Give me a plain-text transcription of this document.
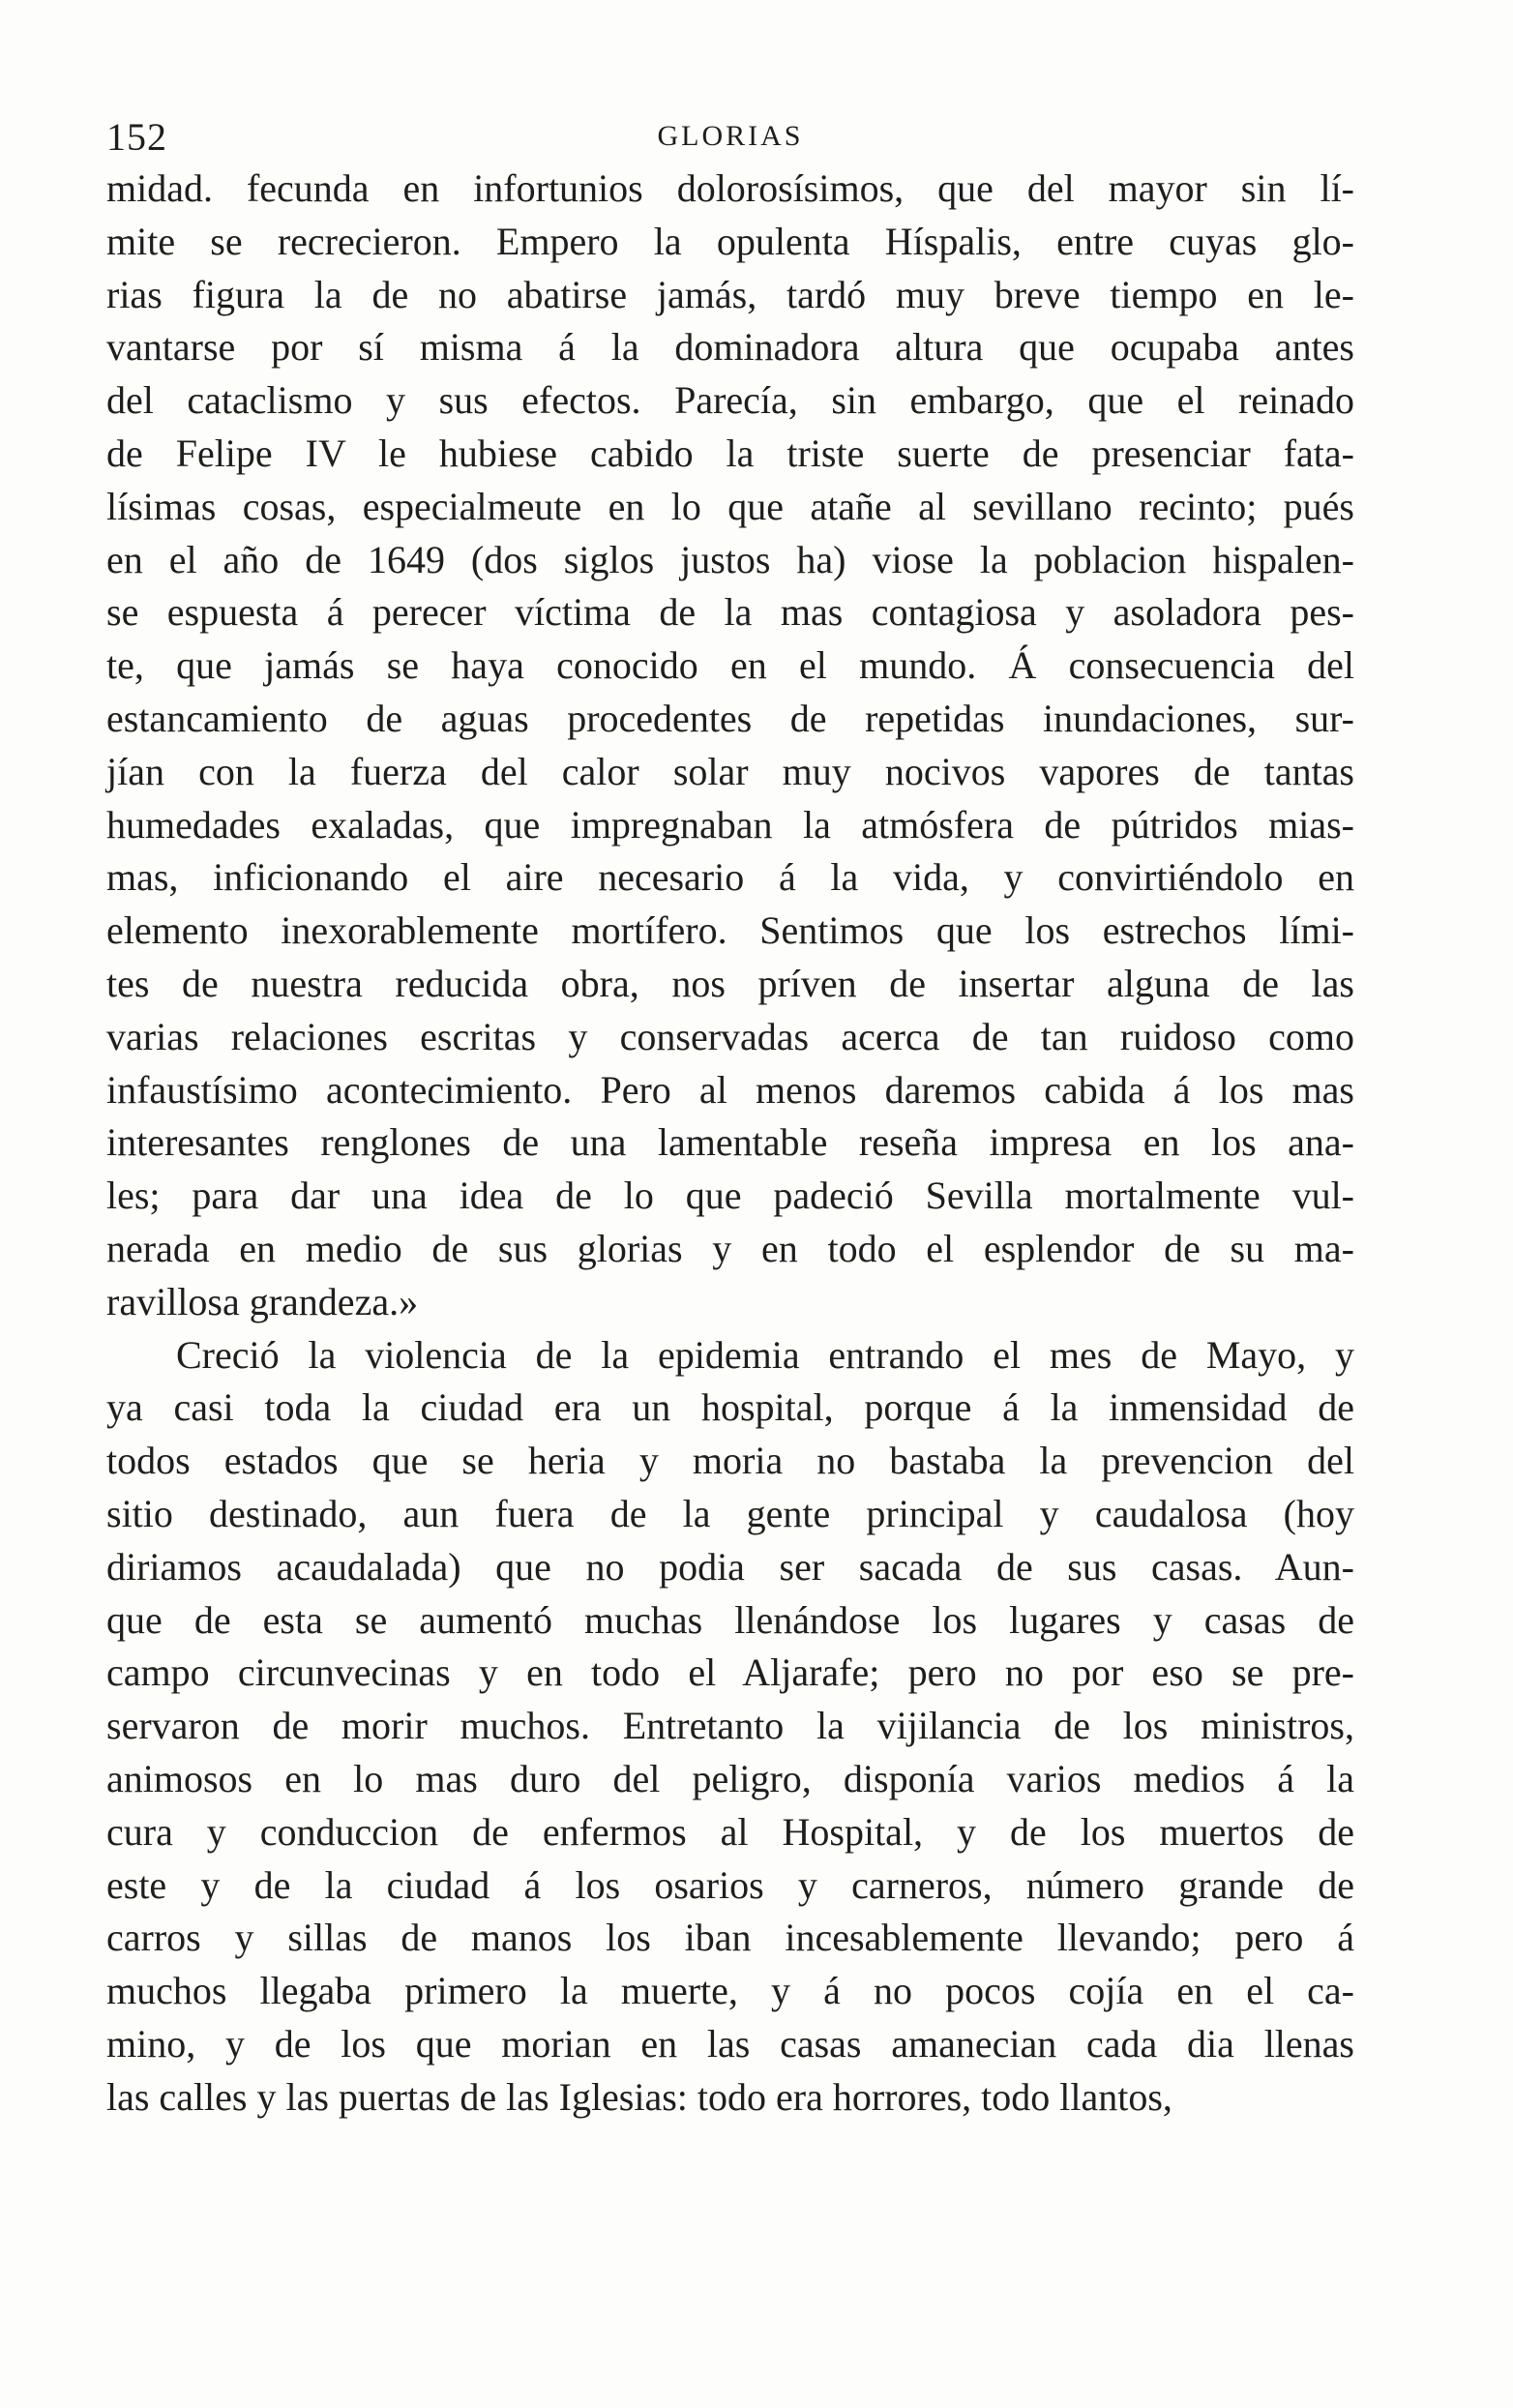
152	GLORIAS
midad. fecunda en infortunios dolorosísimos, que del mayor sin lí-
mite se recrecieron. Empero la opulenta Híspalis, entre cuyas glo-
rias figura la de no abatirse jamás, tardó muy breve tiempo en le-
vantarse por sí misma á la dominadora altura que ocupaba antes
del cataclismo y sus efectos. Parecía, sin embargo, que el reinado
de Felipe IV le hubiese cabido la triste suerte de presenciar fata-
lísimas cosas, especialmeute en lo que atañe al sevillano recinto; pués
en el año de 1649 (dos siglos justos ha) viose la poblacion hispalen-
se espuesta á perecer víctima de la mas contagiosa y asoladora pes-
te, que jamás se haya conocido en el mundo. Á consecuencia del
estancamiento de aguas procedentes de repetidas inundaciones, sur-
jían con la fuerza del calor solar muy nocivos vapores de tantas
humedades exaladas, que impregnaban la atmósfera de pútridos mias-
mas, inficionando el aire necesario á la vida, y convirtiéndolo en
elemento inexorablemente mortífero. Sentimos que los estrechos lími-
tes de nuestra reducida obra, nos príven de insertar alguna de las
varias relaciones escritas y conservadas acerca de tan ruidoso como
infaustísimo acontecimiento. Pero al menos daremos cabida á los mas
interesantes renglones de una lamentable reseña impresa en los ana-
les; para dar una idea de lo que padeció Sevilla mortalmente vul-
nerada en medio de sus glorias y en todo el esplendor de su ma-
ravillosa grandeza.»
Creció la violencia de la epidemia entrando el mes de Mayo, y
ya casi toda la ciudad era un hospital, porque á la inmensidad de
todos estados que se heria y moria no bastaba la prevencion del
sitio destinado, aun fuera de la gente principal y caudalosa (hoy
diriamos acaudalada) que no podia ser sacada de sus casas. Aun-
que de esta se aumentó muchas llenándose los lugares y casas de
campo circunvecinas y en todo el Aljarafe; pero no por eso se pre-
servaron de morir muchos. Entretanto la vijilancia de los ministros,
animosos en lo mas duro del peligro, disponía varios medios á la
cura y conduccion de enfermos al Hospital, y de los muertos de
este y de la ciudad á los osarios y carneros, número grande de
carros y sillas de manos los iban incesablemente llevando; pero á
muchos llegaba primero la muerte, y á no pocos cojía en el ca-
mino, y de los que morian en las casas amanecian cada dia llenas
las calles y las puertas de las Iglesias: todo era horrores, todo llantos,
